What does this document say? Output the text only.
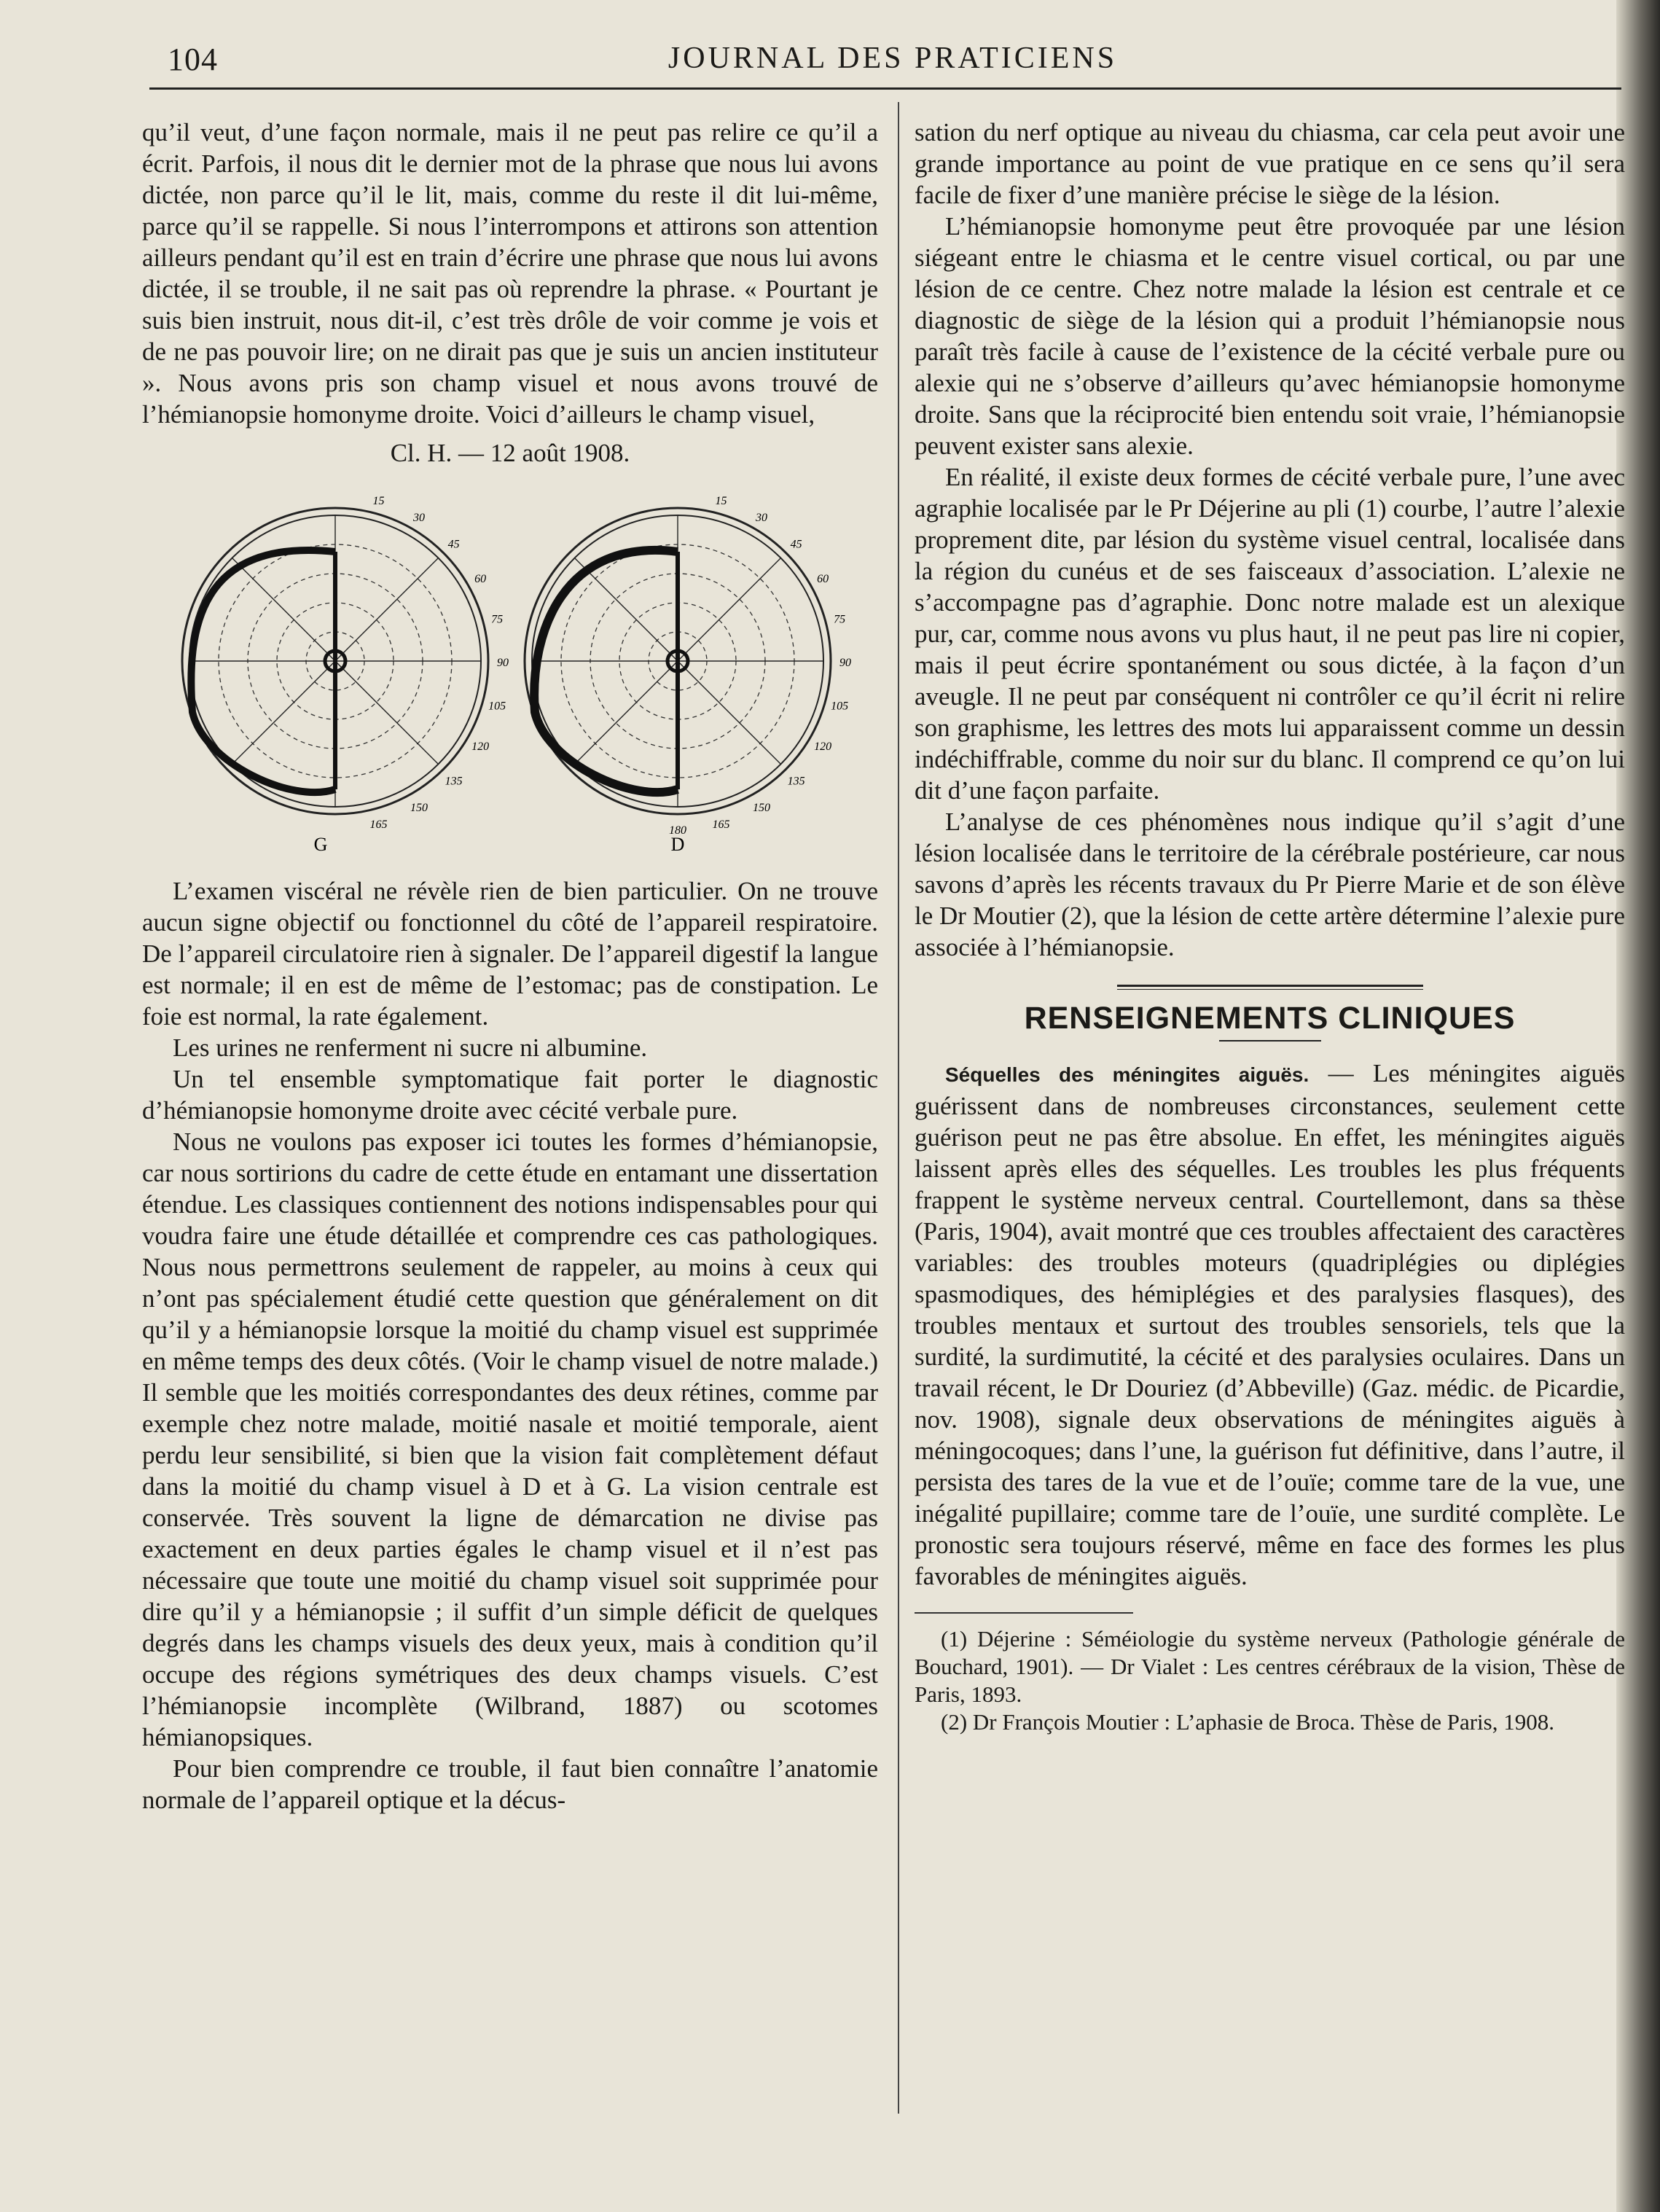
104	JOURNAL DES PRATICIENS

qu’il veut, d’une façon normale, mais il ne peut pas relire ce qu’il a écrit. Parfois, il nous dit le dernier mot de la phrase que nous lui avons dictée, non parce qu’il le lit, mais, comme du reste il dit lui-même, parce qu’il se rappelle. Si nous l’interrompons et attirons son attention ailleurs pendant qu’il est en train d’écrire une phrase que nous lui avons dictée, il se trouble, il ne sait pas où reprendre la phrase. « Pourtant je suis bien instruit, nous dit-il, c’est très drôle de voir comme je vois et de ne pas pouvoir lire; on ne dirait pas que je suis un ancien instituteur ». Nous avons pris son champ visuel et nous avons trouvé de l’hémianopsie homonyme droite. Voici d’ailleurs le champ visuel,

Cl. H. — 12 août 1908.
15
30
45
60
75
90
105
120
135
150
165
15
30
45
60
75
90
105
120
135
150
165
180
G	D

L’examen viscéral ne révèle rien de bien particulier. On ne trouve aucun signe objectif ou fonctionnel du côté de l’appareil respiratoire. De l’appareil circulatoire rien à signaler. De l’appareil digestif la langue est normale; il en est de même de l’estomac; pas de constipation. Le foie est normal, la rate également.

Les urines ne renferment ni sucre ni albumine.

Un tel ensemble symptomatique fait porter le diagnostic d’hémianopsie homonyme droite avec cécité verbale pure.

Nous ne voulons pas exposer ici toutes les formes d’hémianopsie, car nous sortirions du cadre de cette étude en entamant une dissertation étendue. Les classiques contiennent des notions indispensables pour qui voudra faire une étude détaillée et comprendre ces cas pathologiques. Nous nous permettrons seulement de rappeler, au moins à ceux qui n’ont pas spécialement étudié cette question que généralement on dit qu’il y a hémianopsie lorsque la moitié du champ visuel est supprimée en même temps des deux côtés. (Voir le champ visuel de notre malade.) Il semble que les moitiés correspondantes des deux rétines, comme par exemple chez notre malade, moitié nasale et moitié temporale, aient perdu leur sensibilité, si bien que la vision fait complètement défaut dans la moitié du champ visuel à D et à G. La vision centrale est conservée. Très souvent la ligne de démarcation ne divise pas exactement en deux parties égales le champ visuel et il n’est pas nécessaire que toute une moitié du champ visuel soit supprimée pour dire qu’il y a hémianopsie ; il suffit d’un simple déficit de quelques degrés dans les champs visuels des deux yeux, mais à condition qu’il occupe des régions symétriques des deux champs visuels. C’est l’hémianopsie incomplète (Wilbrand, 1887) ou scotomes hémianopsiques.

Pour bien comprendre ce trouble, il faut bien connaître l’anatomie normale de l’appareil optique et la décus-

sation du nerf optique au niveau du chiasma, car cela peut avoir une grande importance au point de vue pratique en ce sens qu’il sera facile de fixer d’une manière précise le siège de la lésion.

L’hémianopsie homonyme peut être provoquée par une lésion siégeant entre le chiasma et le centre visuel cortical, ou par une lésion de ce centre. Chez notre malade la lésion est centrale et ce diagnostic de siège de la lésion qui a produit l’hémianopsie nous paraît très facile à cause de l’existence de la cécité verbale pure ou alexie qui ne s’observe d’ailleurs qu’avec hémianopsie homonyme droite. Sans que la réciprocité bien entendu soit vraie, l’hémianopsie peuvent exister sans alexie.

En réalité, il existe deux formes de cécité verbale pure, l’une avec agraphie localisée par le Pr Déjerine au pli (1) courbe, l’autre l’alexie proprement dite, par lésion du système visuel central, localisée dans la région du cunéus et de ses faisceaux d’association. L’alexie ne s’accompagne pas d’agraphie. Donc notre malade est un alexique pur, car, comme nous avons vu plus haut, il ne peut pas lire ni copier, mais il peut écrire spontanément ou sous dictée, à la façon d’un aveugle. Il ne peut par conséquent ni contrôler ce qu’il écrit ni relire son graphisme, les lettres des mots lui apparaissent comme un dessin indéchiffrable, comme du noir sur du blanc. Il comprend ce qu’on lui dit d’une façon parfaite.

L’analyse de ces phénomènes nous indique qu’il s’agit d’une lésion localisée dans le territoire de la cérébrale postérieure, car nous savons d’après les récents travaux du Pr Pierre Marie et de son élève le Dr Moutier (2), que la lésion de cette artère détermine l’alexie pure associée à l’hémianopsie.

RENSEIGNEMENTS CLINIQUES

Séquelles des méningites aiguës. — Les méningites aiguës guérissent dans de nombreuses circonstances, seulement cette guérison peut ne pas être absolue. En effet, les méningites aiguës laissent après elles des séquelles. Les troubles les plus fréquents frappent le système nerveux central. Courtellemont, dans sa thèse (Paris, 1904), avait montré que ces troubles affectaient des caractères variables: des troubles moteurs (quadriplégies ou diplégies spasmodiques, des hémiplégies et des paralysies flasques), des troubles mentaux et surtout des troubles sensoriels, tels que la surdité, la surdimutité, la cécité et des paralysies oculaires. Dans un travail récent, le Dr Douriez (d’Abbeville) (Gaz. médic. de Picardie, nov. 1908), signale deux observations de méningites aiguës à méningocoques; dans l’une, la guérison fut définitive, dans l’autre, il persista des tares de la vue et de l’ouïe; comme tare de la vue, une inégalité pupillaire; comme tare de l’ouïe, une surdité complète. Le pronostic sera toujours réservé, même en face des formes les plus favorables de méningites aiguës.

(1) Déjerine : Séméiologie du système nerveux (Pathologie générale de Bouchard, 1901). — Dr Vialet : Les centres cérébraux de la vision, Thèse de Paris, 1893.

(2) Dr François Moutier : L’aphasie de Broca. Thèse de Paris, 1908.
